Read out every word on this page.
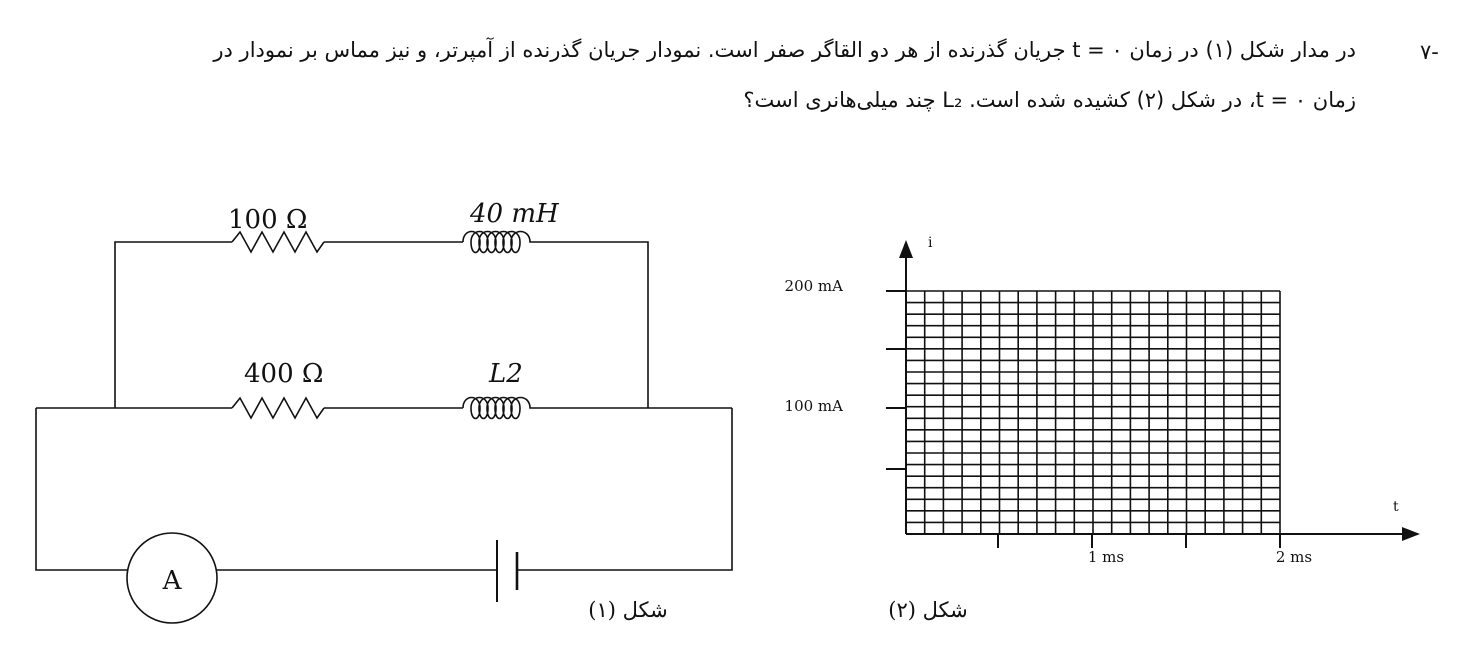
-۷
در مدار شکل (۱) در زمان t = ۰ جریان گذرنده از هر دو القاگر صفر است. نمودار جریان گذرنده از آمپرتر، و نیز مماس بر نمودار در
زمان t = ۰، در شکل (۲) کشیده شده است. L₂ چند میلی‌هانری است؟
100 Ω	40 mH
400 Ω	L2
A
شکل (۱)
i
t
200 mA
100 mA
1 ms	2 ms
شکل (۲)
